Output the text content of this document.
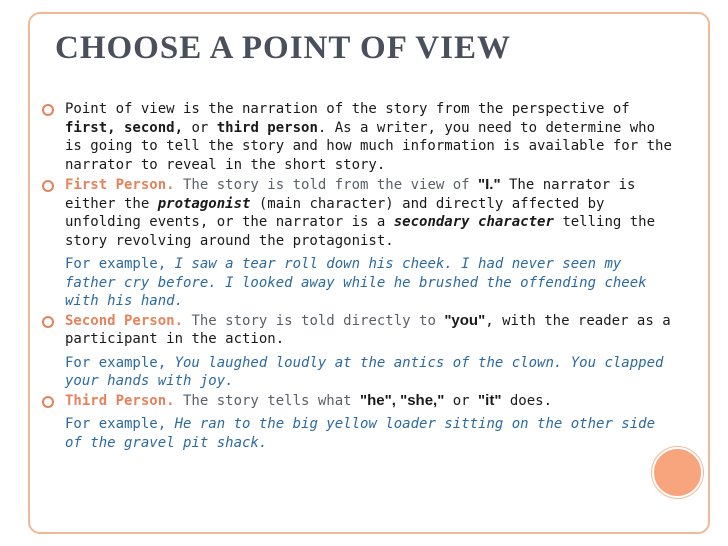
CHOOSE A POINT OF VIEW
Point of view is the narration of the story from the perspective of first, second, or third person. As a writer, you need to determine who is going to tell the story and how much information is available for the narrator to reveal in the short story.
First Person. The story is told from the view of "I." The narrator is either the protagonist (main character) and directly affected by unfolding events, or the narrator is a secondary character telling the story revolving around the protagonist.
For example, I saw a tear roll down his cheek. I had never seen my father cry before. I looked away while he brushed the offending cheek with his hand.
Second Person. The story is told directly to "you", with the reader as a participant in the action.
For example, You laughed loudly at the antics of the clown. You clapped your hands with joy.
Third Person. The story tells what "he", "she," or "it" does.
For example, He ran to the big yellow loader sitting on the other side of the gravel pit shack.
